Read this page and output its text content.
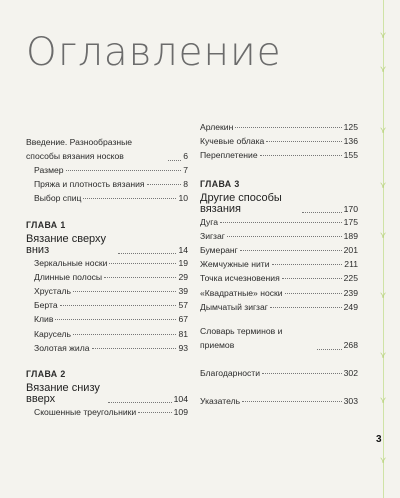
Оглавление
Введение. Разнообразные способы вязания носков	6
Размер	7
Пряжа и плотность вязания	8
Выбор спиц	10
ГЛАВА 1
Вязание сверху вниз	14
Зеркальные носки	19
Длинные полосы	29
Хрусталь	39
Берта	57
Клив	67
Карусель	81
Золотая жила	93
ГЛАВА 2
Вязание снизу вверх	104
Скошенные треугольники	109
Арлекин	125
Кучевые облака	136
Переплетение	155
ГЛАВА 3
Другие способы вязания	170
Дуга	175
Зигзаг	189
Бумеранг	201
Жемчужные нити	211
Точка исчезновения	225
«Квадратные» носки	239
Дымчатый зигзаг	249
Словарь терминов и приемов	268
Благодарности	302
Указатель	303
⋎
⋎
⋎
⋎
⋎
⋎
⋎
⋎
⋎
3
